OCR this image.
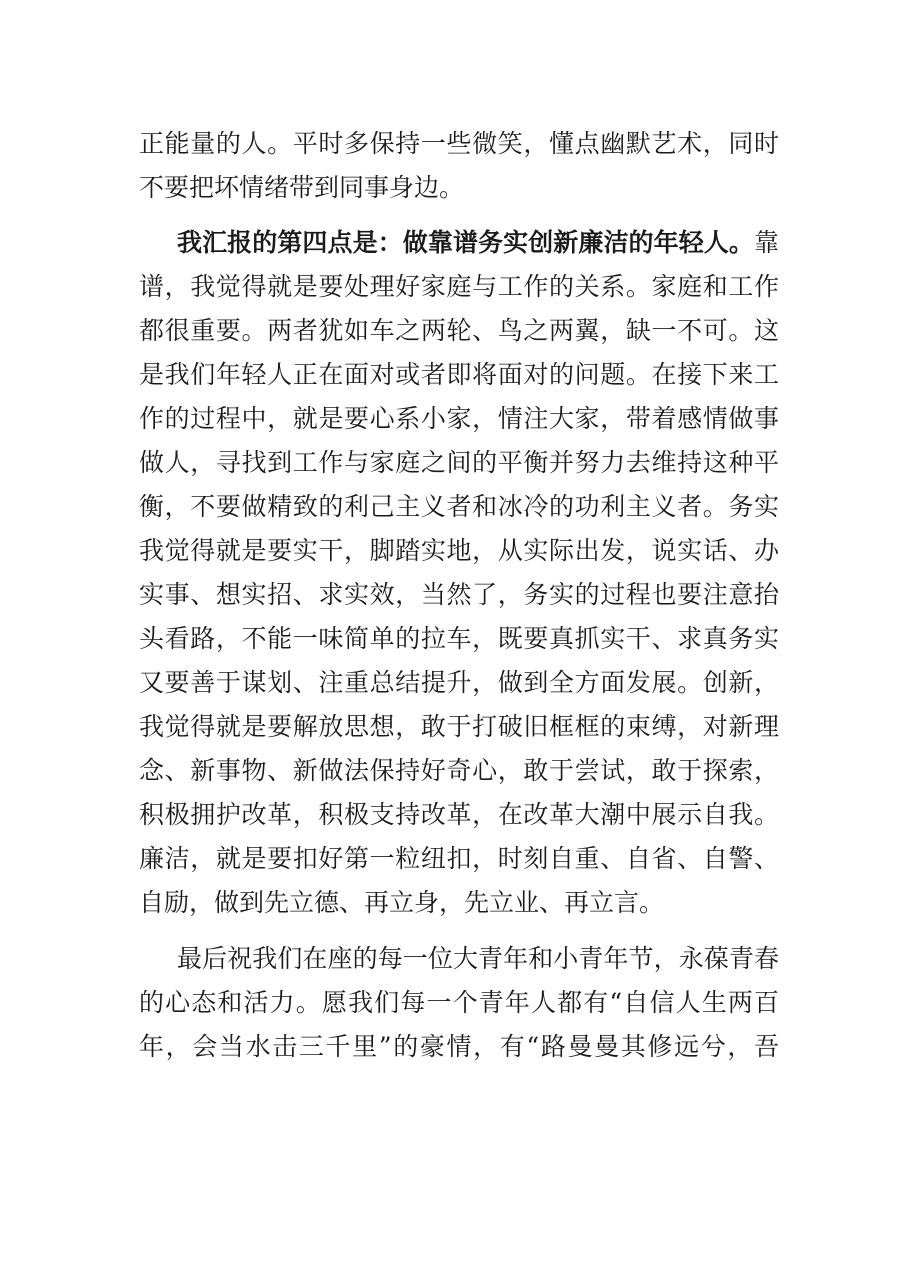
正能量的人。平时多保持一些微笑，懂点幽默艺术，同时
不要把坏情绪带到同事身边。
我汇报的第四点是：做靠谱务实创新廉洁的年轻人。靠
谱，我觉得就是要处理好家庭与工作的关系。家庭和工作
都很重要。两者犹如车之两轮、鸟之两翼，缺一不可。这
是我们年轻人正在面对或者即将面对的问题。在接下来工
作的过程中，就是要心系小家，情注大家，带着感情做事
做人，寻找到工作与家庭之间的平衡并努力去维持这种平
衡，不要做精致的利己主义者和冰冷的功利主义者。务实
我觉得就是要实干，脚踏实地，从实际出发，说实话、办
实事、想实招、求实效，当然了，务实的过程也要注意抬
头看路，不能一味简单的拉车，既要真抓实干、求真务实
又要善于谋划、注重总结提升，做到全方面发展。创新，
我觉得就是要解放思想，敢于打破旧框框的束缚，对新理
念、新事物、新做法保持好奇心，敢于尝试，敢于探索，
积极拥护改革，积极支持改革，在改革大潮中展示自我。
廉洁，就是要扣好第一粒纽扣，时刻自重、自省、自警、
自励，做到先立德、再立身，先立业、再立言。
最后祝我们在座的每一位大青年和小青年节，永葆青春
的心态和活力。愿我们每一个青年人都有“自信人生两百
年，会当水击三千里”的豪情，有“路曼曼其修远兮，吾
